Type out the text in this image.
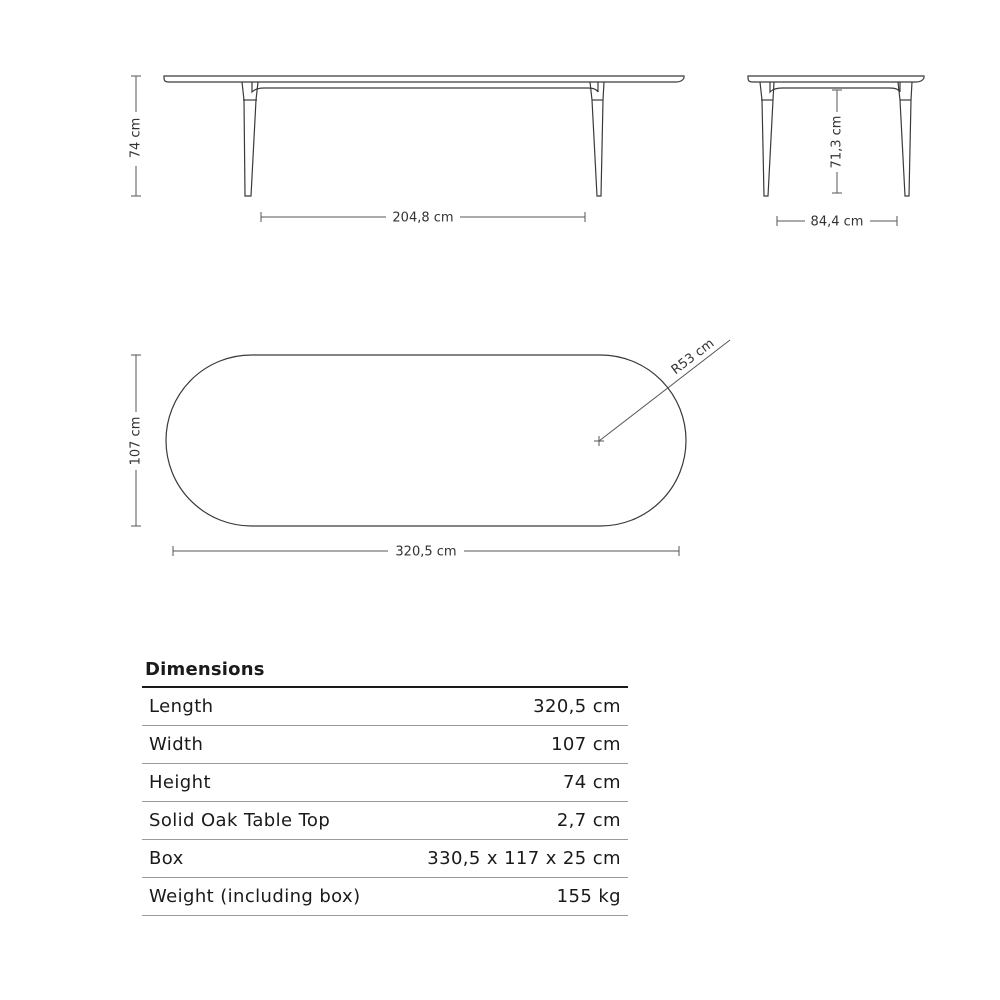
74 cm
204,8 cm
71,3 cm
84,4 cm
R53 cm
107 cm
320,5 cm
Dimensions
Length	320,5 cm
Width	107 cm
Height	74 cm
Solid Oak Table Top	2,7 cm
Box	330,5 x 117 x 25 cm
Weight (including box)	155 kg
